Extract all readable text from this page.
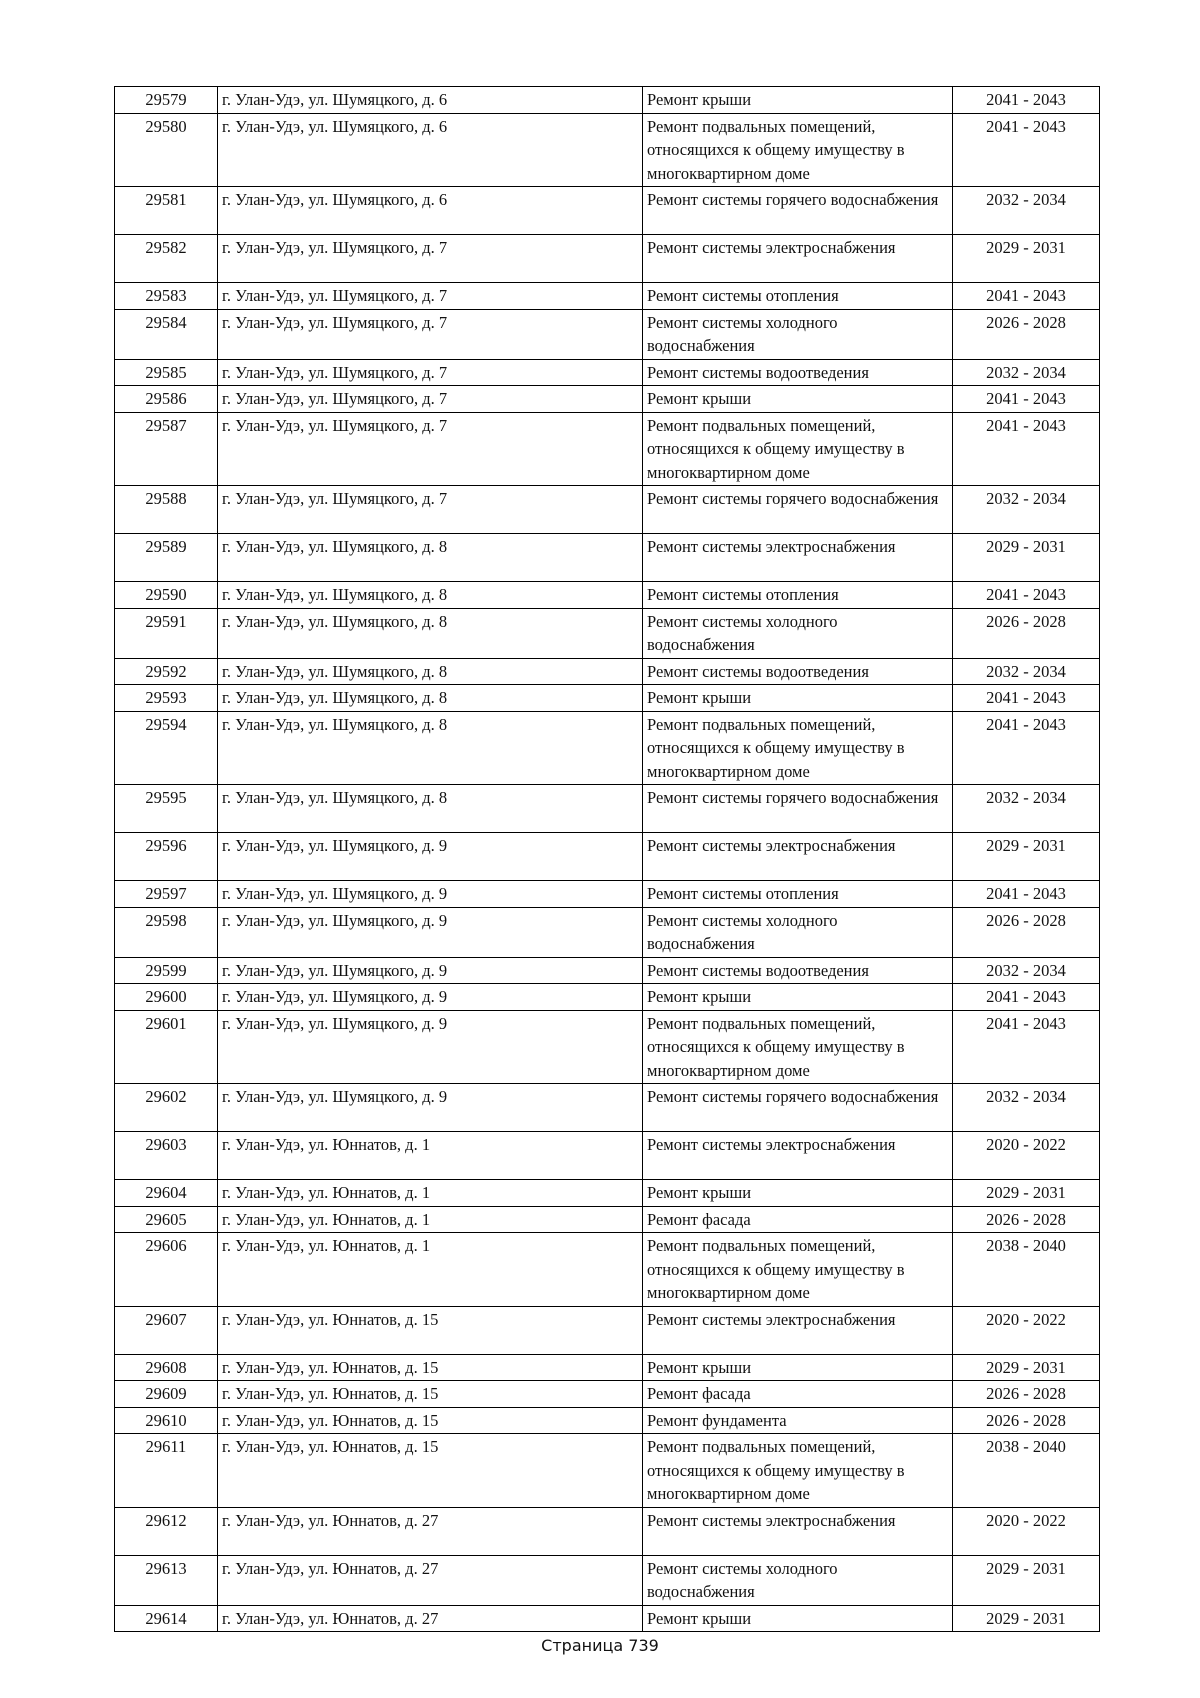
29579	г. Улан-Удэ, ул. Шумяцкого, д. 6	Ремонт крыши	2041 - 2043
29580	г. Улан-Удэ, ул. Шумяцкого, д. 6	Ремонт подвальных помещений, относящихся к общему имуществу в многоквартирном доме	2041 - 2043
29581	г. Улан-Удэ, ул. Шумяцкого, д. 6	Ремонт системы горячего водоснабжения	2032 - 2034
29582	г. Улан-Удэ, ул. Шумяцкого, д. 7	Ремонт системы электроснабжения	2029 - 2031
29583	г. Улан-Удэ, ул. Шумяцкого, д. 7	Ремонт системы отопления	2041 - 2043
29584	г. Улан-Удэ, ул. Шумяцкого, д. 7	Ремонт системы холодного водоснабжения	2026 - 2028
29585	г. Улан-Удэ, ул. Шумяцкого, д. 7	Ремонт системы водоотведения	2032 - 2034
29586	г. Улан-Удэ, ул. Шумяцкого, д. 7	Ремонт крыши	2041 - 2043
29587	г. Улан-Удэ, ул. Шумяцкого, д. 7	Ремонт подвальных помещений, относящихся к общему имуществу в многоквартирном доме	2041 - 2043
29588	г. Улан-Удэ, ул. Шумяцкого, д. 7	Ремонт системы горячего водоснабжения	2032 - 2034
29589	г. Улан-Удэ, ул. Шумяцкого, д. 8	Ремонт системы электроснабжения	2029 - 2031
29590	г. Улан-Удэ, ул. Шумяцкого, д. 8	Ремонт системы отопления	2041 - 2043
29591	г. Улан-Удэ, ул. Шумяцкого, д. 8	Ремонт системы холодного водоснабжения	2026 - 2028
29592	г. Улан-Удэ, ул. Шумяцкого, д. 8	Ремонт системы водоотведения	2032 - 2034
29593	г. Улан-Удэ, ул. Шумяцкого, д. 8	Ремонт крыши	2041 - 2043
29594	г. Улан-Удэ, ул. Шумяцкого, д. 8	Ремонт подвальных помещений, относящихся к общему имуществу в многоквартирном доме	2041 - 2043
29595	г. Улан-Удэ, ул. Шумяцкого, д. 8	Ремонт системы горячего водоснабжения	2032 - 2034
29596	г. Улан-Удэ, ул. Шумяцкого, д. 9	Ремонт системы электроснабжения	2029 - 2031
29597	г. Улан-Удэ, ул. Шумяцкого, д. 9	Ремонт системы отопления	2041 - 2043
29598	г. Улан-Удэ, ул. Шумяцкого, д. 9	Ремонт системы холодного водоснабжения	2026 - 2028
29599	г. Улан-Удэ, ул. Шумяцкого, д. 9	Ремонт системы водоотведения	2032 - 2034
29600	г. Улан-Удэ, ул. Шумяцкого, д. 9	Ремонт крыши	2041 - 2043
29601	г. Улан-Удэ, ул. Шумяцкого, д. 9	Ремонт подвальных помещений, относящихся к общему имуществу в многоквартирном доме	2041 - 2043
29602	г. Улан-Удэ, ул. Шумяцкого, д. 9	Ремонт системы горячего водоснабжения	2032 - 2034
29603	г. Улан-Удэ, ул. Юннатов, д. 1	Ремонт системы электроснабжения	2020 - 2022
29604	г. Улан-Удэ, ул. Юннатов, д. 1	Ремонт крыши	2029 - 2031
29605	г. Улан-Удэ, ул. Юннатов, д. 1	Ремонт фасада	2026 - 2028
29606	г. Улан-Удэ, ул. Юннатов, д. 1	Ремонт подвальных помещений, относящихся к общему имуществу в многоквартирном доме	2038 - 2040
29607	г. Улан-Удэ, ул. Юннатов, д. 15	Ремонт системы электроснабжения	2020 - 2022
29608	г. Улан-Удэ, ул. Юннатов, д. 15	Ремонт крыши	2029 - 2031
29609	г. Улан-Удэ, ул. Юннатов, д. 15	Ремонт фасада	2026 - 2028
29610	г. Улан-Удэ, ул. Юннатов, д. 15	Ремонт фундамента	2026 - 2028
29611	г. Улан-Удэ, ул. Юннатов, д. 15	Ремонт подвальных помещений, относящихся к общему имуществу в многоквартирном доме	2038 - 2040
29612	г. Улан-Удэ, ул. Юннатов, д. 27	Ремонт системы электроснабжения	2020 - 2022
29613	г. Улан-Удэ, ул. Юннатов, д. 27	Ремонт системы холодного водоснабжения	2029 - 2031
29614	г. Улан-Удэ, ул. Юннатов, д. 27	Ремонт крыши	2029 - 2031
Страница 739
